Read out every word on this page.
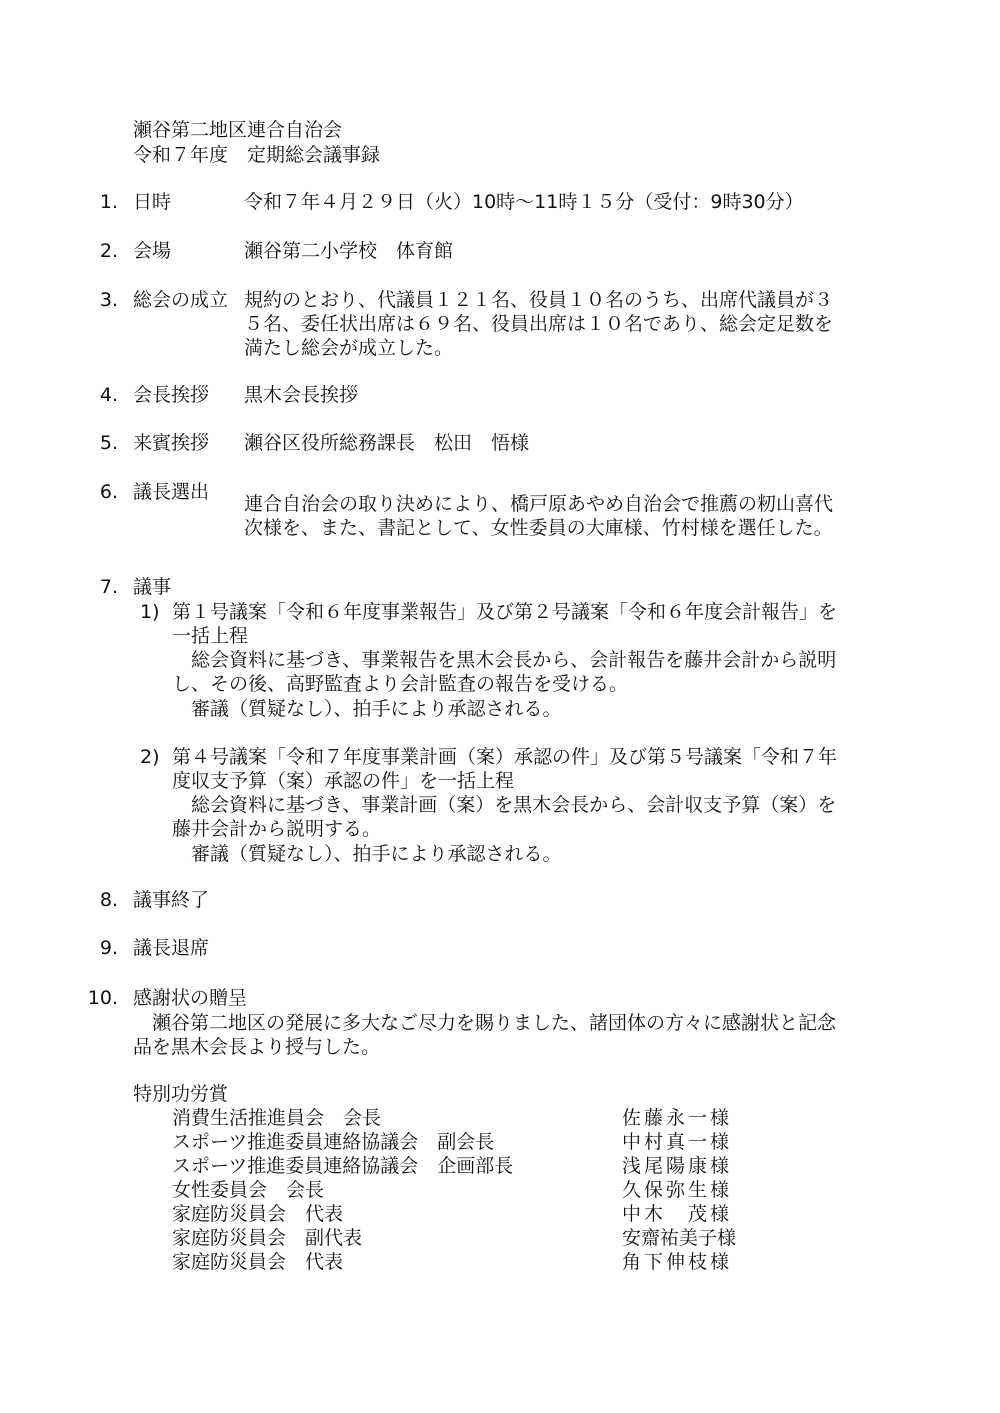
瀬谷第二地区連合自治会
令和７年度　定期総会議事録
1. 日時	令和７年４月２９日（火）10時～11時１５分（受付：9時30分）
2. 会場	瀬谷第二小学校　体育館
3. 総会の成立 規約のとおり、代議員１２１名、役員１０名のうち、出席代議員が３
５名、委任状出席は６９名、役員出席は１０名であり、総会定足数を
満たし総会が成立した。
4. 会長挨拶 黒木会長挨拶
5. 来賓挨拶 瀬谷区役所総務課長　松田　悟様
6. 議長選出
連合自治会の取り決めにより、橋戸原あやめ自治会で推薦の籾山喜代
次様を、また、書記として、女性委員の大庫様、竹村様を選任した。
7. 議事
1) 第１号議案「令和６年度事業報告」及び第２号議案「令和６年度会計報告」を
一括上程
　総会資料に基づき、事業報告を黒木会長から、会計報告を藤井会計から説明
し、その後、高野監査より会計監査の報告を受ける。
　審議（質疑なし）、拍手により承認される。
2) 第４号議案「令和７年度事業計画（案）承認の件」及び第５号議案「令和７年
度収支予算（案）承認の件」を一括上程
　総会資料に基づき、事業計画（案）を黒木会長から、会計収支予算（案）を
藤井会計から説明する。
　審議（質疑なし）、拍手により承認される。
8. 議事終了
9. 議長退席
10. 感謝状の贈呈
瀬谷第二地区の発展に多大なご尽力を賜りました、諸団体の方々に感謝状と記念
品を黒木会長より授与した。
特別功労賞
消費生活推進員会　会長	佐藤永一様
スポーツ推進委員連絡協議会　副会長	中村真一様
スポーツ推進委員連絡協議会　企画部長	浅尾陽康様
女性委員会　会長	久保弥生様
家庭防災員会　代表	中木　茂様
家庭防災員会　副代表	安齋祐美子様
家庭防災員会　代表	角下伸枝様
